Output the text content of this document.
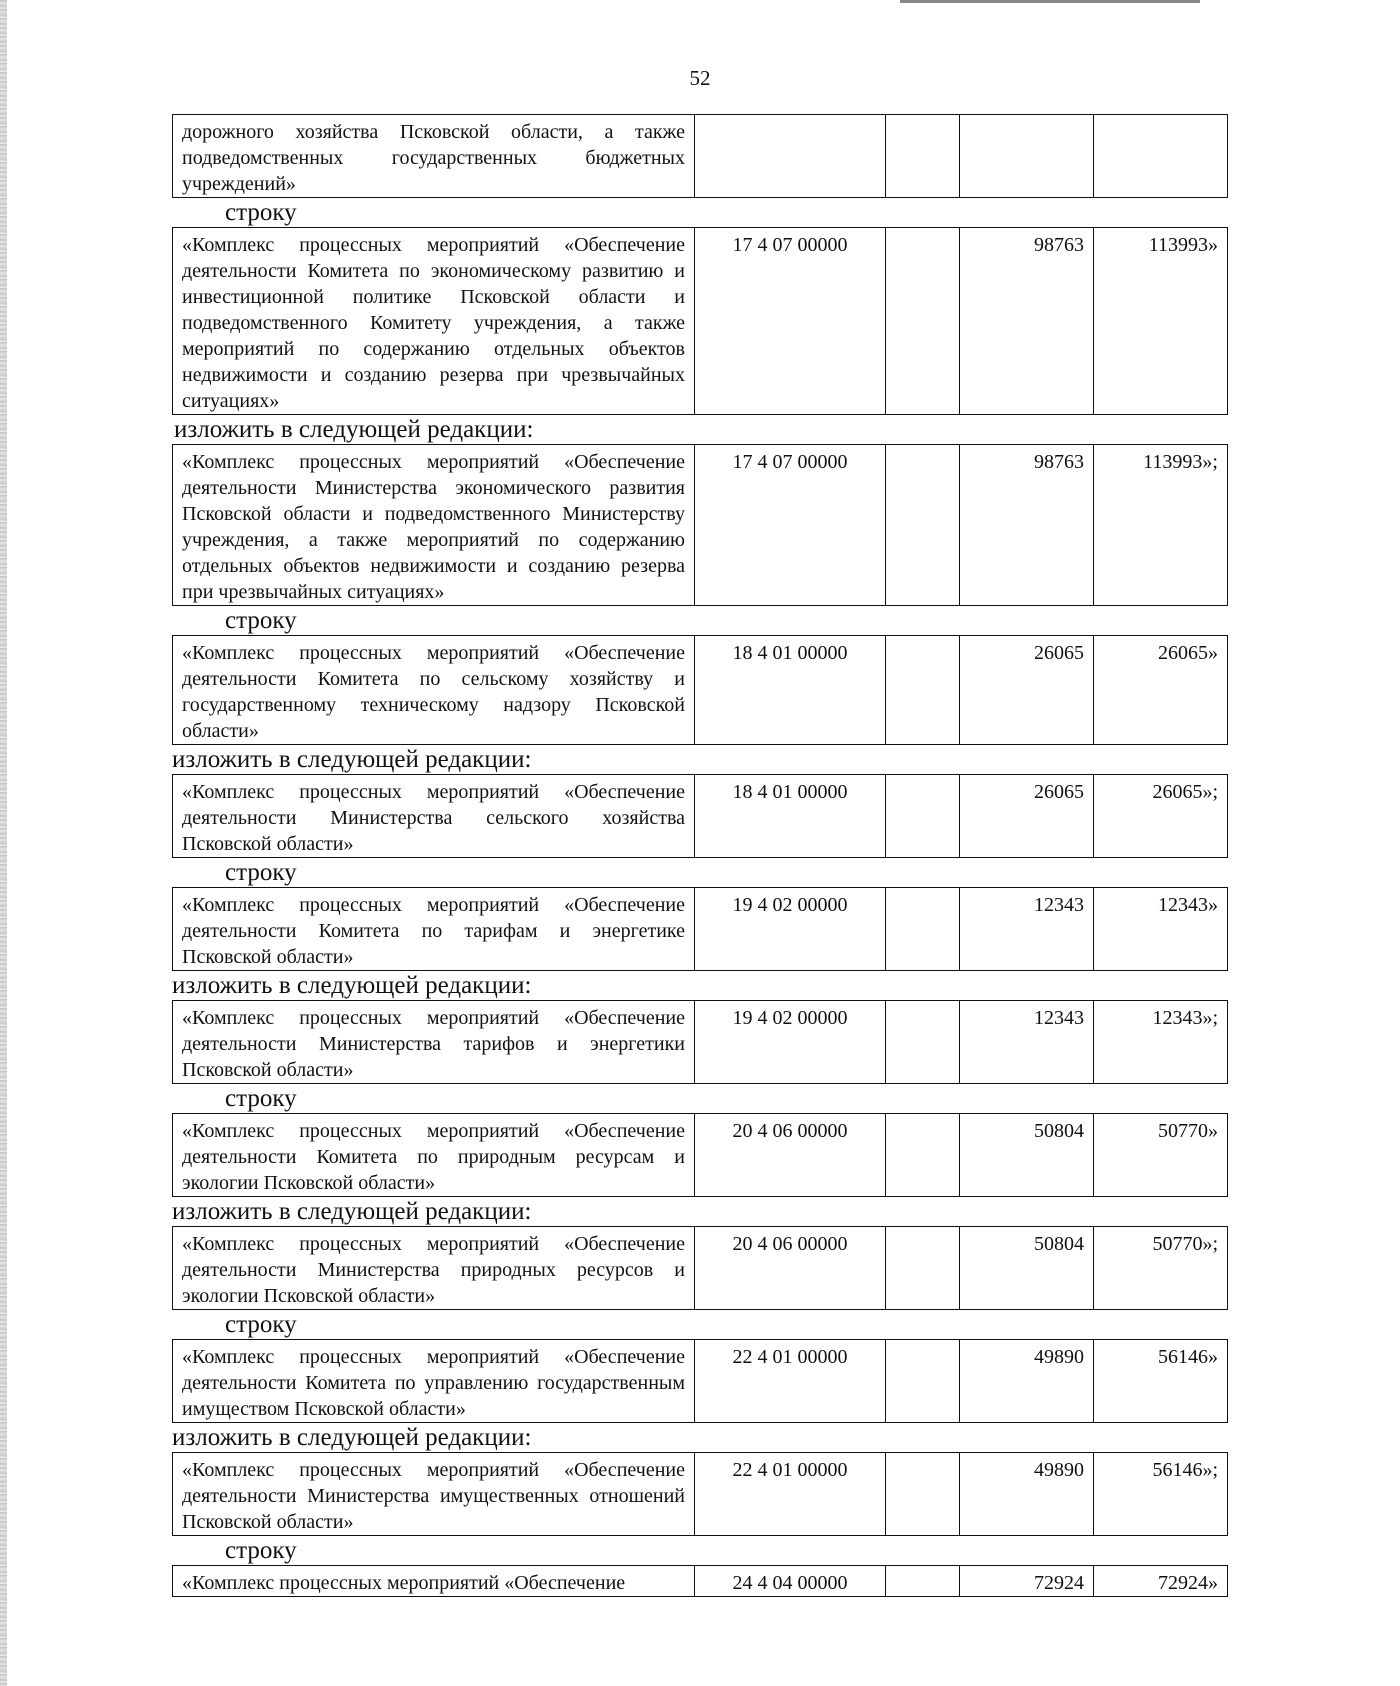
52
дорожного хозяйства Псковской области, а также подведомственных государственных бюджетных учреждений»				
строку
«Комплекс процессных мероприятий «Обеспечение деятельности Комитета по экономическому развитию и инвестиционной политике Псковской области и подведомственного Комитету учреждения, а также мероприятий по содержанию отдельных объектов недвижимости и созданию резерва при чрезвычайных ситуациях»	17 4 07 00000		98763	113993»
изложить в следующей редакции:
«Комплекс процессных мероприятий «Обеспечение деятельности Министерства экономического развития Псковской области и подведомственного Министерству учреждения, а также мероприятий по содержанию отдельных объектов недвижимости и созданию резерва при чрезвычайных ситуациях»	17 4 07 00000		98763	113993»;
строку
«Комплекс процессных мероприятий «Обеспечение деятельности Комитета по сельскому хозяйству и государственному техническому надзору Псковской области»	18 4 01 00000		26065	26065»
изложить в следующей редакции:
«Комплекс процессных мероприятий «Обеспечение деятельности Министерства сельского хозяйства Псковской области»	18 4 01 00000		26065	26065»;
строку
«Комплекс процессных мероприятий «Обеспечение деятельности Комитета по тарифам и энергетике Псковской области»	19 4 02 00000		12343	12343»
изложить в следующей редакции:
«Комплекс процессных мероприятий «Обеспечение деятельности Министерства тарифов и энергетики Псковской области»	19 4 02 00000		12343	12343»;
строку
«Комплекс процессных мероприятий «Обеспечение деятельности Комитета по природным ресурсам и экологии Псковской области»	20 4 06 00000		50804	50770»
изложить в следующей редакции:
«Комплекс процессных мероприятий «Обеспечение деятельности Министерства природных ресурсов и экологии Псковской области»	20 4 06 00000		50804	50770»;
строку
«Комплекс процессных мероприятий «Обеспечение деятельности Комитета по управлению государственным имуществом Псковской области»	22 4 01 00000		49890	56146»
изложить в следующей редакции:
«Комплекс процессных мероприятий «Обеспечение деятельности Министерства имущественных отношений Псковской области»	22 4 01 00000		49890	56146»;
строку
«Комплекс процессных мероприятий «Обеспечение	24 4 04 00000		72924	72924»
